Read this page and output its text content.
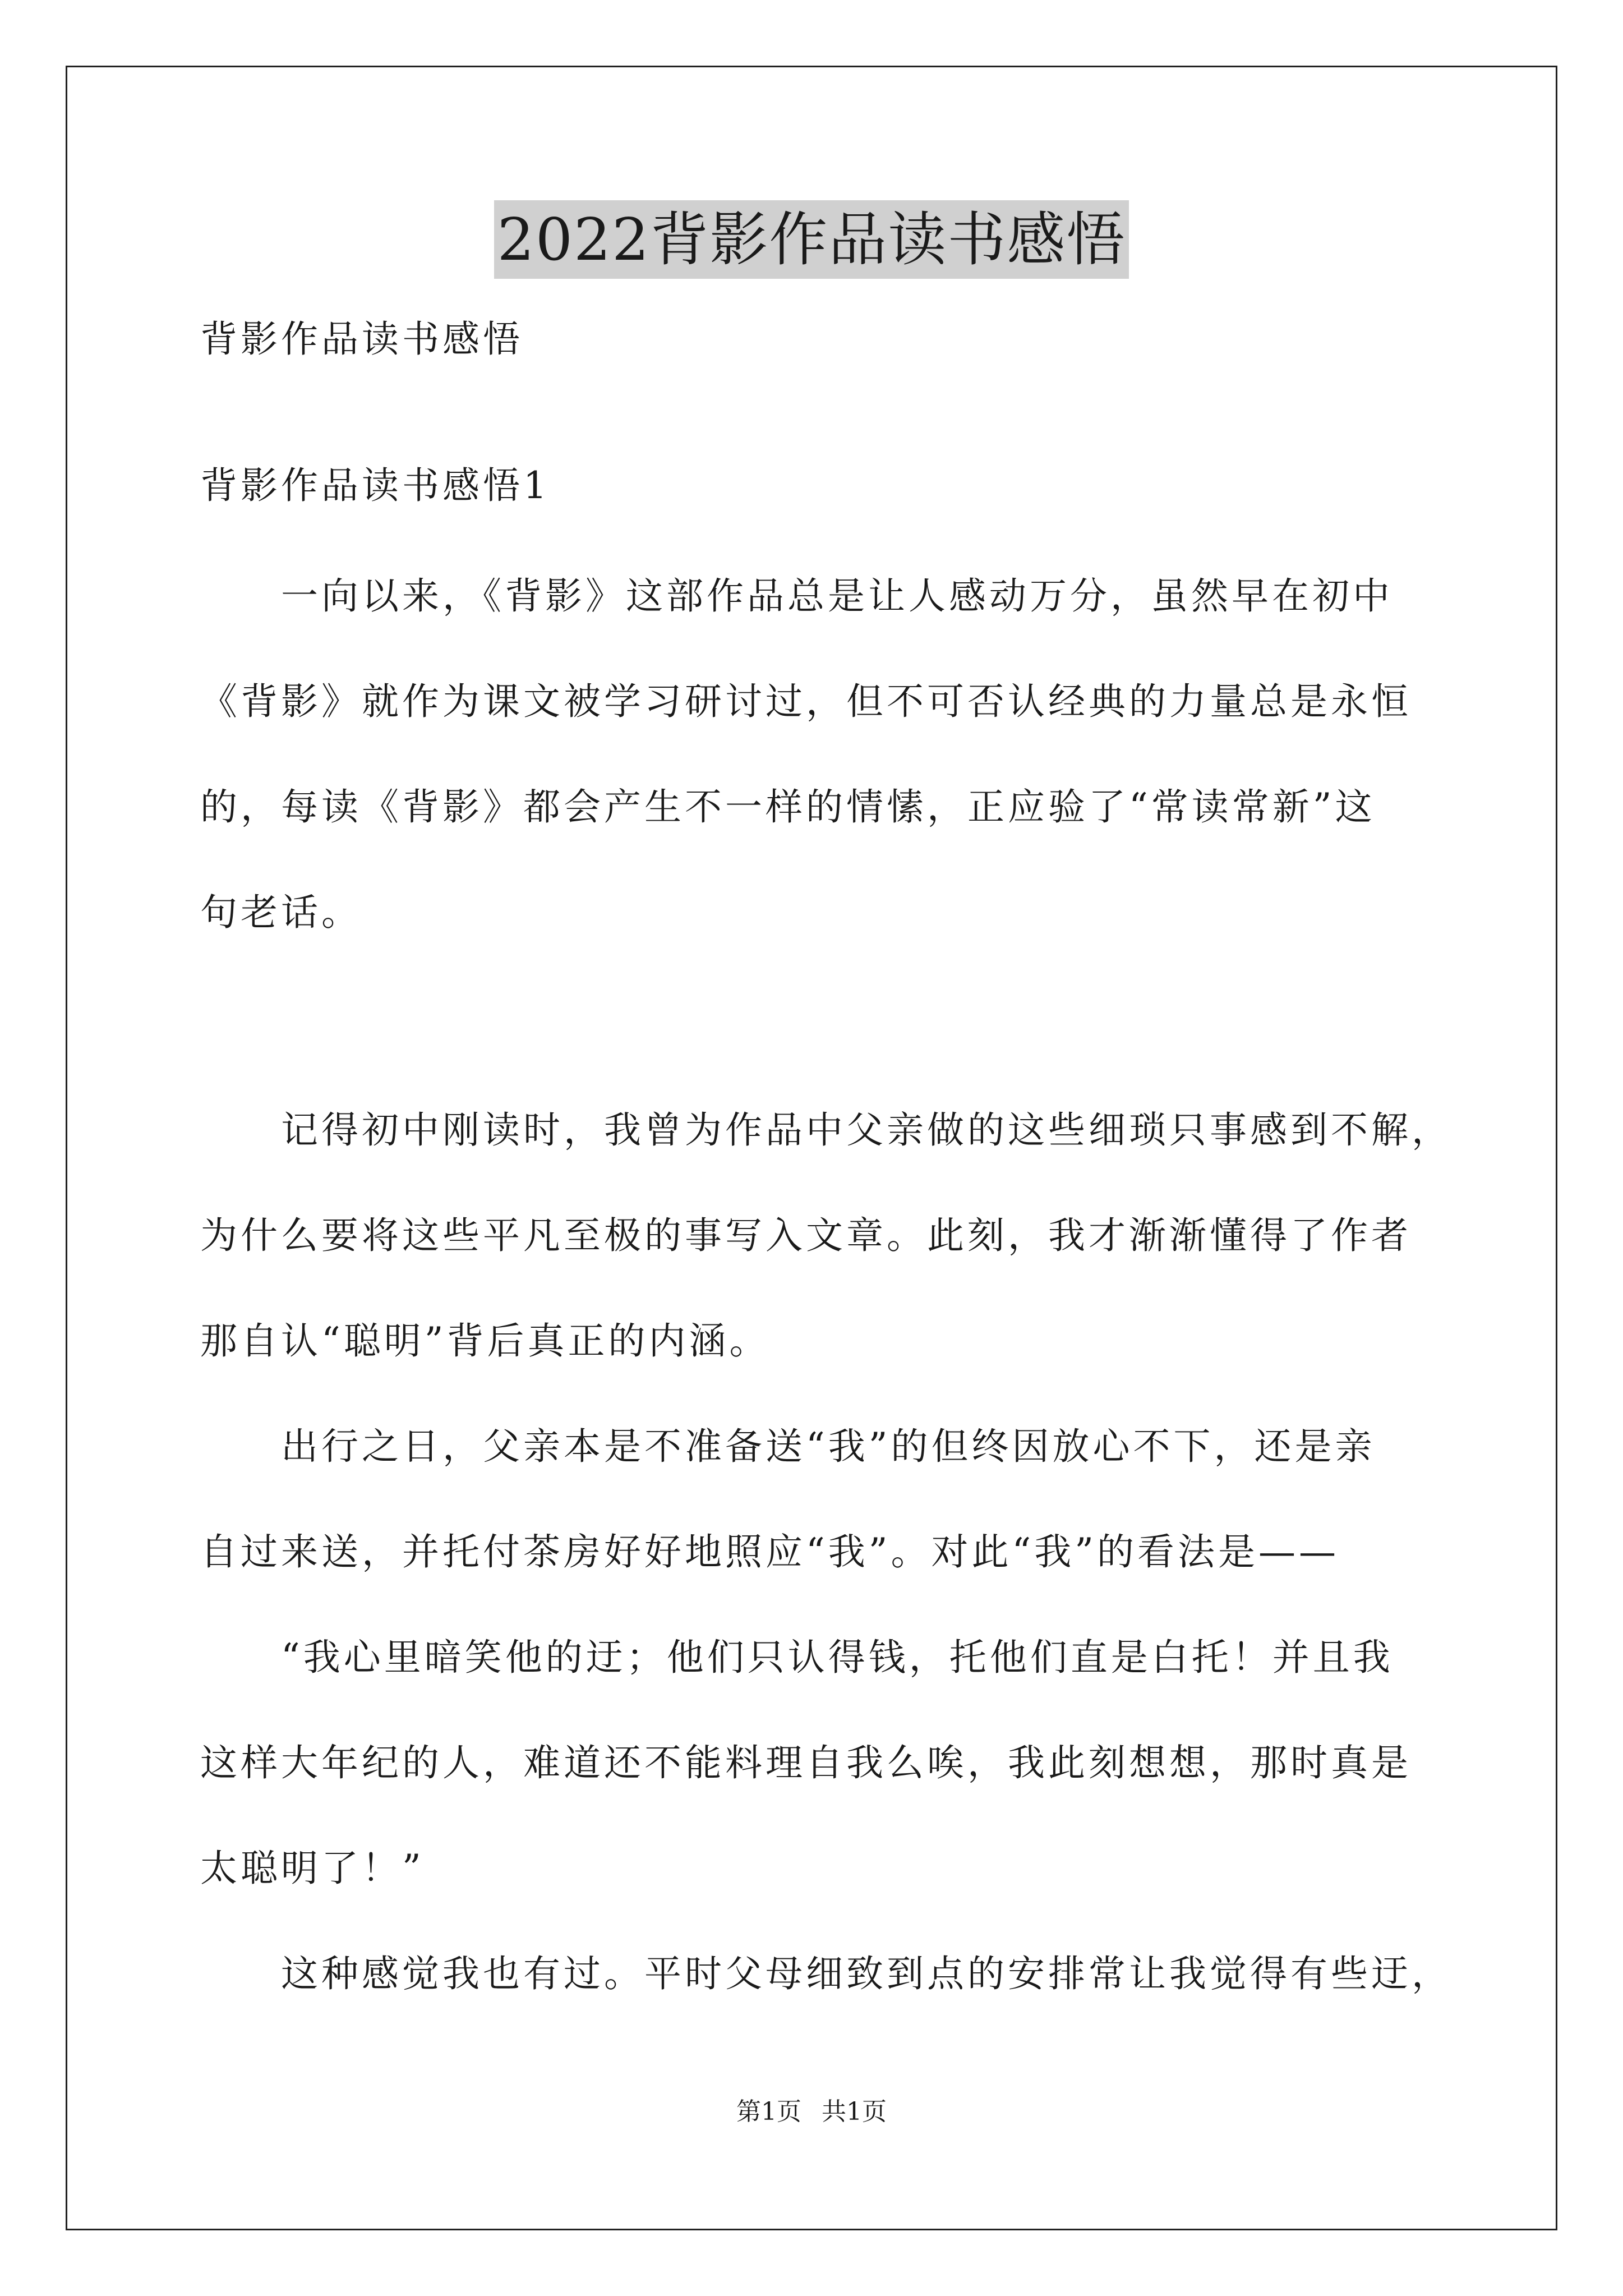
2022背影作品读书感悟
背影作品读书感悟
背影作品读书感悟1
　　一向以来，《背影》这部作品总是让人感动万分，虽然早在初中
《背影》就作为课文被学习研讨过，但不可否认经典的力量总是永恒
的，每读《背影》都会产生不一样的情愫，正应验了“常读常新”这
句老话。
　　记得初中刚读时，我曾为作品中父亲做的这些细琐只事感到不解，
为什么要将这些平凡至极的事写入文章。此刻，我才渐渐懂得了作者
那自认“聪明”背后真正的内涵。
　　出行之日，父亲本是不准备送“我”的但终因放心不下，还是亲
自过来送，并托付茶房好好地照应“我”。对此“我”的看法是——
　　“我心里暗笑他的迂；他们只认得钱，托他们直是白托！并且我
这样大年纪的人，难道还不能料理自我么唉，我此刻想想，那时真是
太聪明了！”
　　这种感觉我也有过。平时父母细致到点的安排常让我觉得有些迂，
第1页 共1页
